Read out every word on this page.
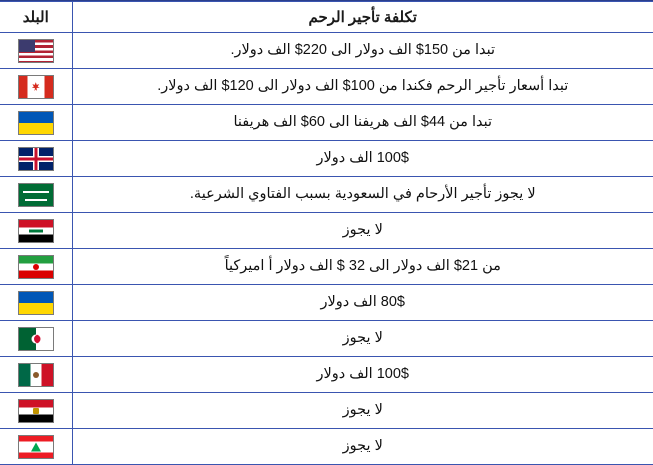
تكلفة تأجير الرحم	البلد
تبدا من 150$ الف دولار الى 220$ الف دولار.	
تبدا أسعار تأجير الرحم فكندا من 100$ الف دولار الى 120$ الف دولار.	
تبدا من 44$ الف هريفنا الى 60$ الف هريفنا	
100$ الف دولار	
لا يجوز تأجير الأرحام في السعودية بسبب الفتاوي الشرعية.	
لا يجوز	
من 21$ الف دولار الى 32 $ الف دولار أ اميركياً	
80$ الف دولار	
لا يجوز	
100$ الف دولار	
لا يجوز	
لا يجوز	
